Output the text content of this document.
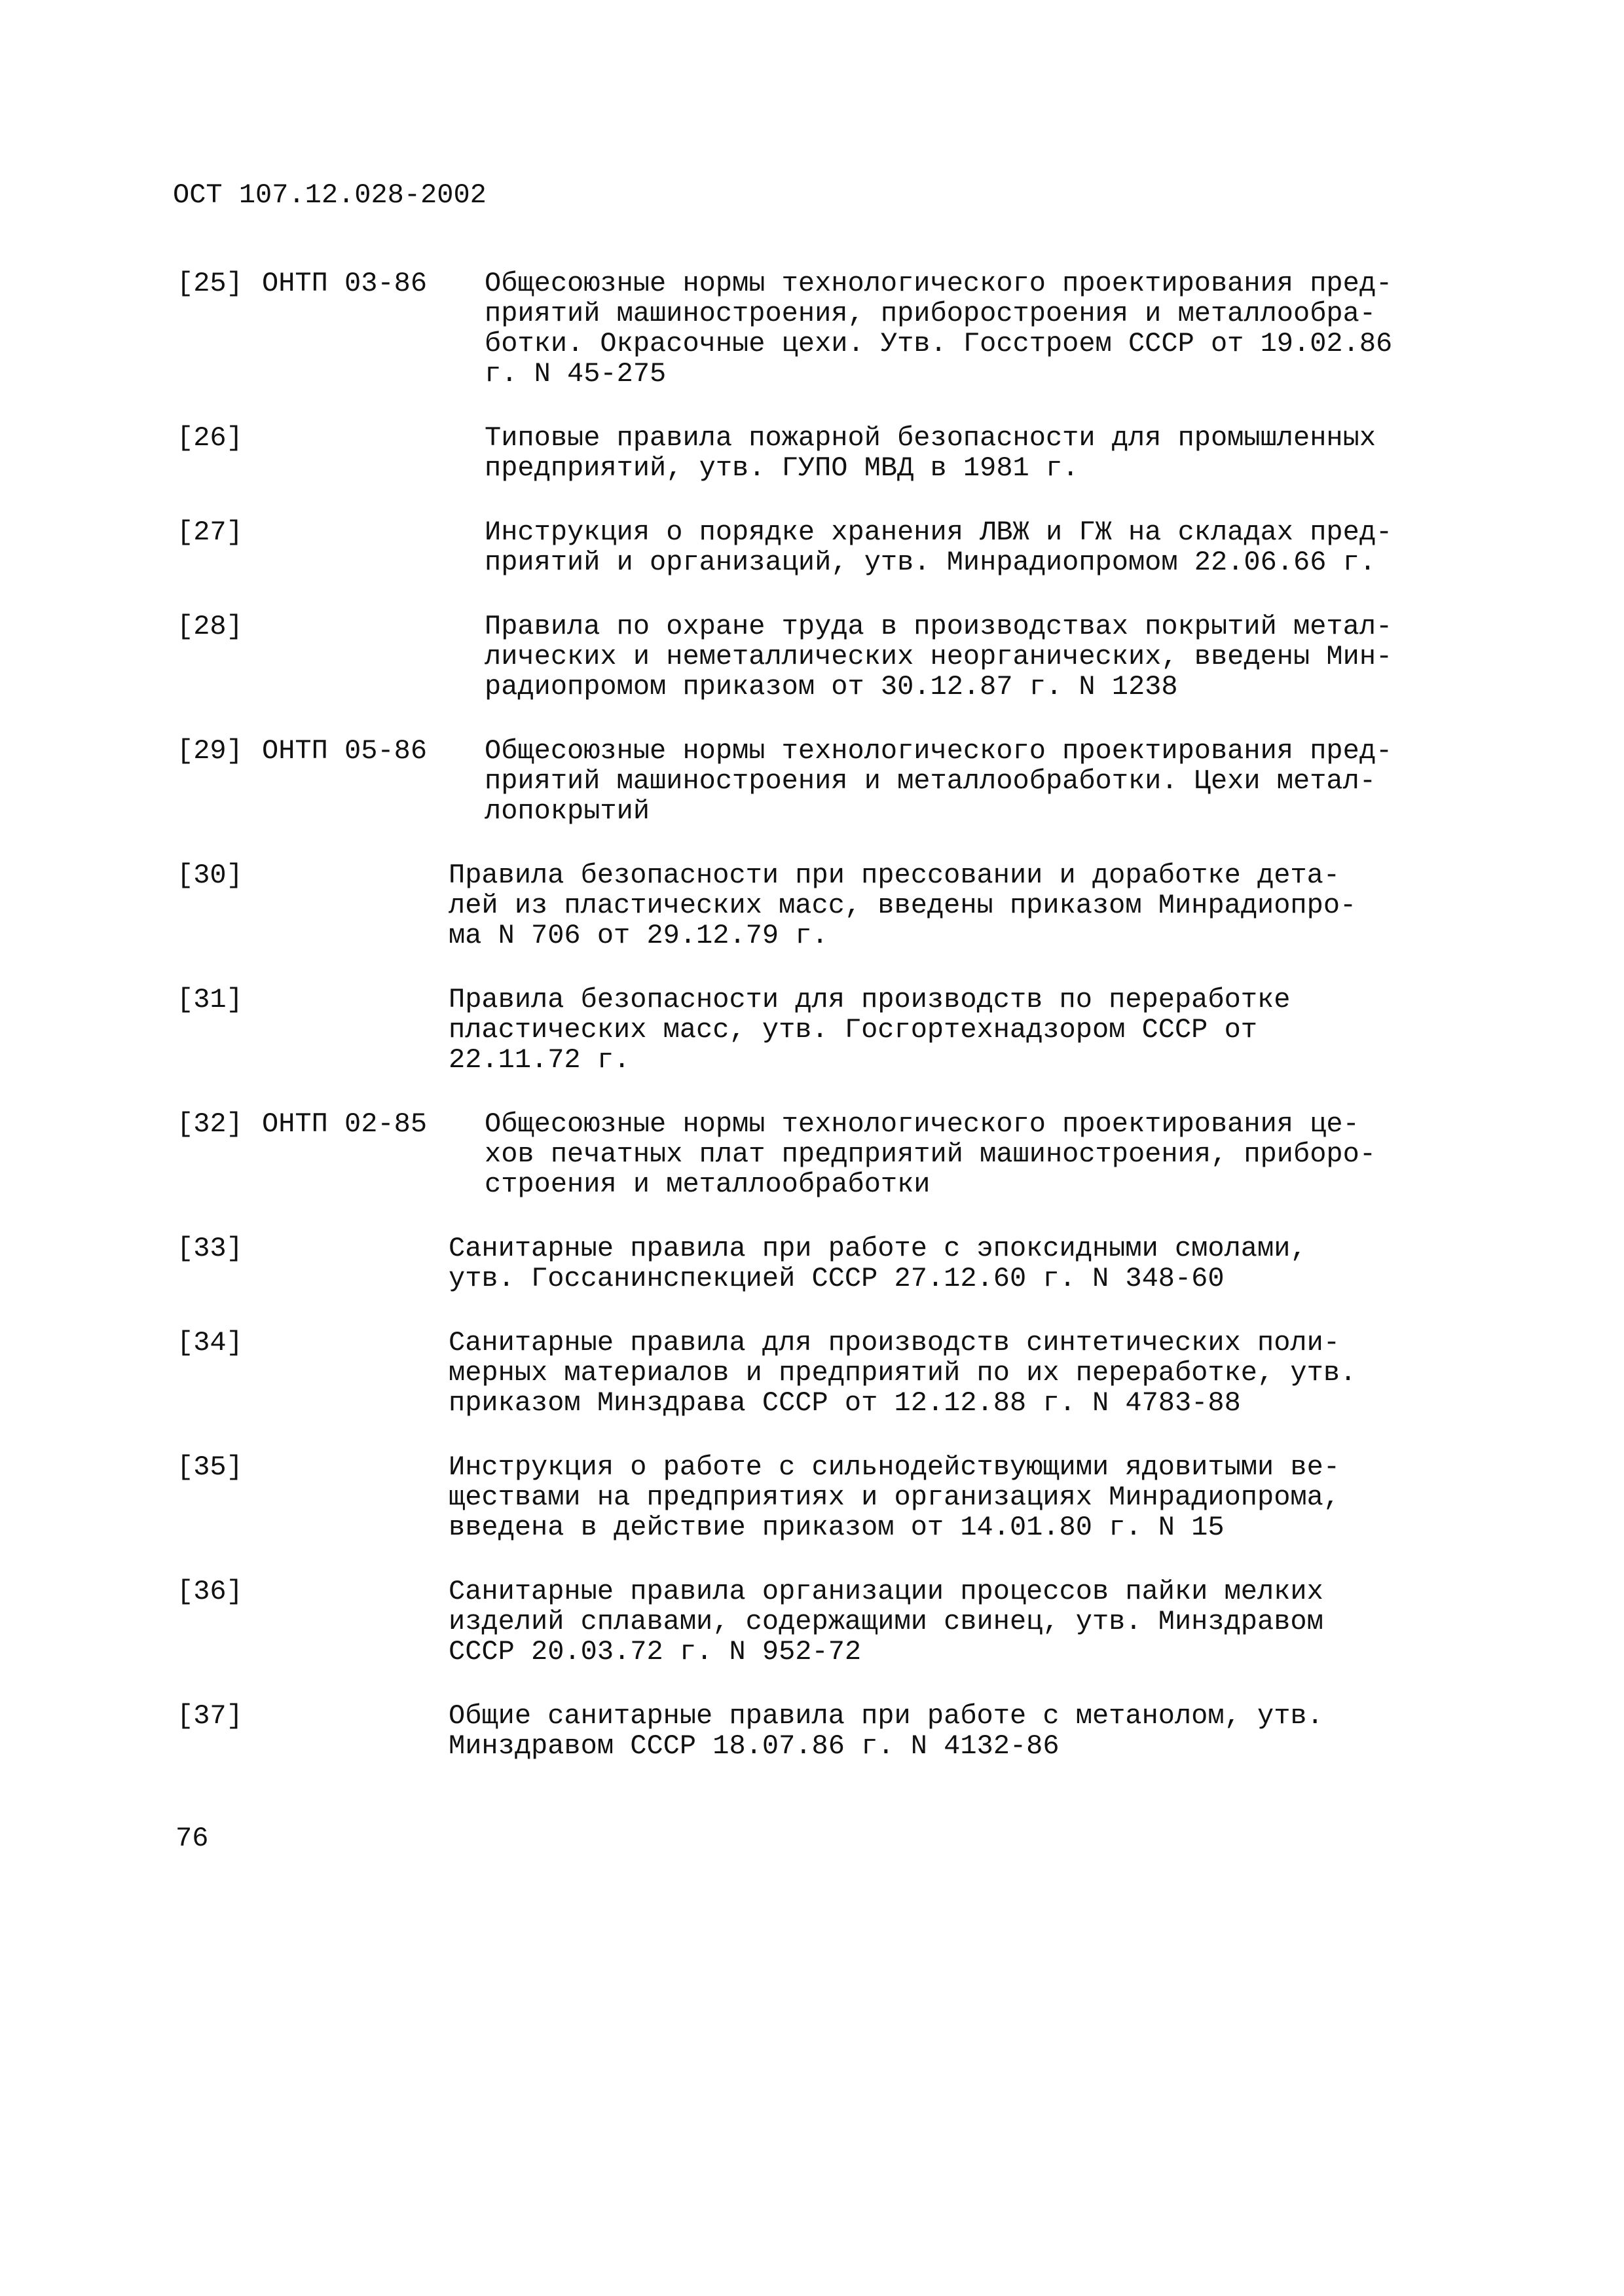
ОСТ 107.12.028-2002
[25] ОНТП 03-86 Общесоюзные нормы технологического проектирования пред-
приятий машиностроения, приборостроения и металлообра-
ботки. Окрасочные цехи. Утв. Госстроем СССР от 19.02.86
г. N 45-275
[26]	Типовые правила пожарной безопасности для промышленных
предприятий, утв. ГУПО МВД в 1981 г.
[27]	Инструкция о порядке хранения ЛВЖ и ГЖ на складах пред-
приятий и организаций, утв. Минрадиопромом 22.06.66 г.
[28]	Правила по охране труда в производствах покрытий метал-
лических и неметаллических неорганических, введены Мин-
радиопромом приказом от 30.12.87 г. N 1238
[29] ОНТП 05-86 Общесоюзные нормы технологического проектирования пред-
приятий машиностроения и металлообработки. Цехи метал-
лопокрытий
[30]	Правила безопасности при прессовании и доработке дета-
лей из пластических масс, введены приказом Минрадиопро-
ма N 706 от 29.12.79 г.
[31]	Правила безопасности для производств по переработке
пластических масс, утв. Госгортехнадзором СССР от
22.11.72 г.
[32] ОНТП 02-85 Общесоюзные нормы технологического проектирования це-
хов печатных плат предприятий машиностроения, приборо-
строения и металлообработки
[33]	Санитарные правила при работе с эпоксидными смолами,
утв. Госсанинспекцией СССР 27.12.60 г. N 348-60
[34]	Санитарные правила для производств синтетических поли-
мерных материалов и предприятий по их переработке, утв.
приказом Минздрава СССР от 12.12.88 г. N 4783-88
[35]	Инструкция о работе с сильнодействующими ядовитыми ве-
ществами на предприятиях и организациях Минрадиопрома,
введена в действие приказом от 14.01.80 г. N 15
[36]	Санитарные правила организации процессов пайки мелких
изделий сплавами, содержащими свинец, утв. Минздравом
СССР 20.03.72 г. N 952-72
[37]	Общие санитарные правила при работе с метанолом, утв.
Минздравом СССР 18.07.86 г. N 4132-86
76
